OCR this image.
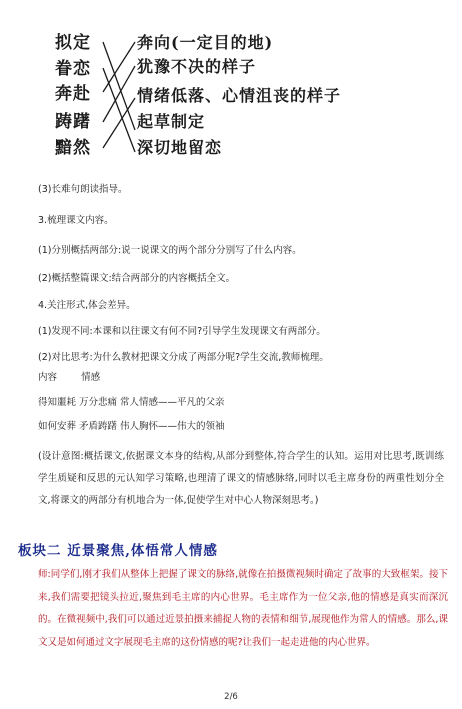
拟定
眷恋
奔赴
踌躇
黯然
奔向(一定目的地)
犹豫不决的样子
情绪低落、心情沮丧的样子
起草制定
深切地留恋
(3)长难句朗读指导。
3.梳理课文内容。
(1)分别概括两部分:说一说课文的两个部分分别写了什么内容。
(2)概括整篇课文:结合两部分的内容概括全文。
4.关注形式,体会差异。
(1)发现不同:本课和以往课文有何不同?引导学生发现课文有两部分。
(2)对比思考:为什么教材把课文分成了两部分呢?学生交流,教师梳理。
内容        情感
得知噩耗 万分悲痛 常人情感——平凡的父亲
如何安葬 矛盾踌躇 伟人胸怀——伟大的领袖
(设计意图:概括课文,依据课文本身的结构,从部分到整体,符合学生的认知。运用对比思考,既训练学生质疑和反思的元认知学习策略,也理清了课文的情感脉络,同时以毛主席身份的两重性划分全文,将课文的两部分有机地合为一体,促使学生对中心人物深刻思考。)
板块二 近景聚焦,体悟常人情感
师:同学们,刚才我们从整体上把握了课文的脉络,就像在拍摄微视频时确定了故事的大致框架。接下来,我们需要把镜头拉近,聚焦到毛主席的内心世界。毛主席作为一位父亲,他的情感是真实而深沉的。在微视频中,我们可以通过近景拍摄来捕捉人物的表情和细节,展现他作为常人的情感。那么,课文又是如何通过文字展现毛主席的这份情感的呢?让我们一起走进他的内心世界。
2/6
